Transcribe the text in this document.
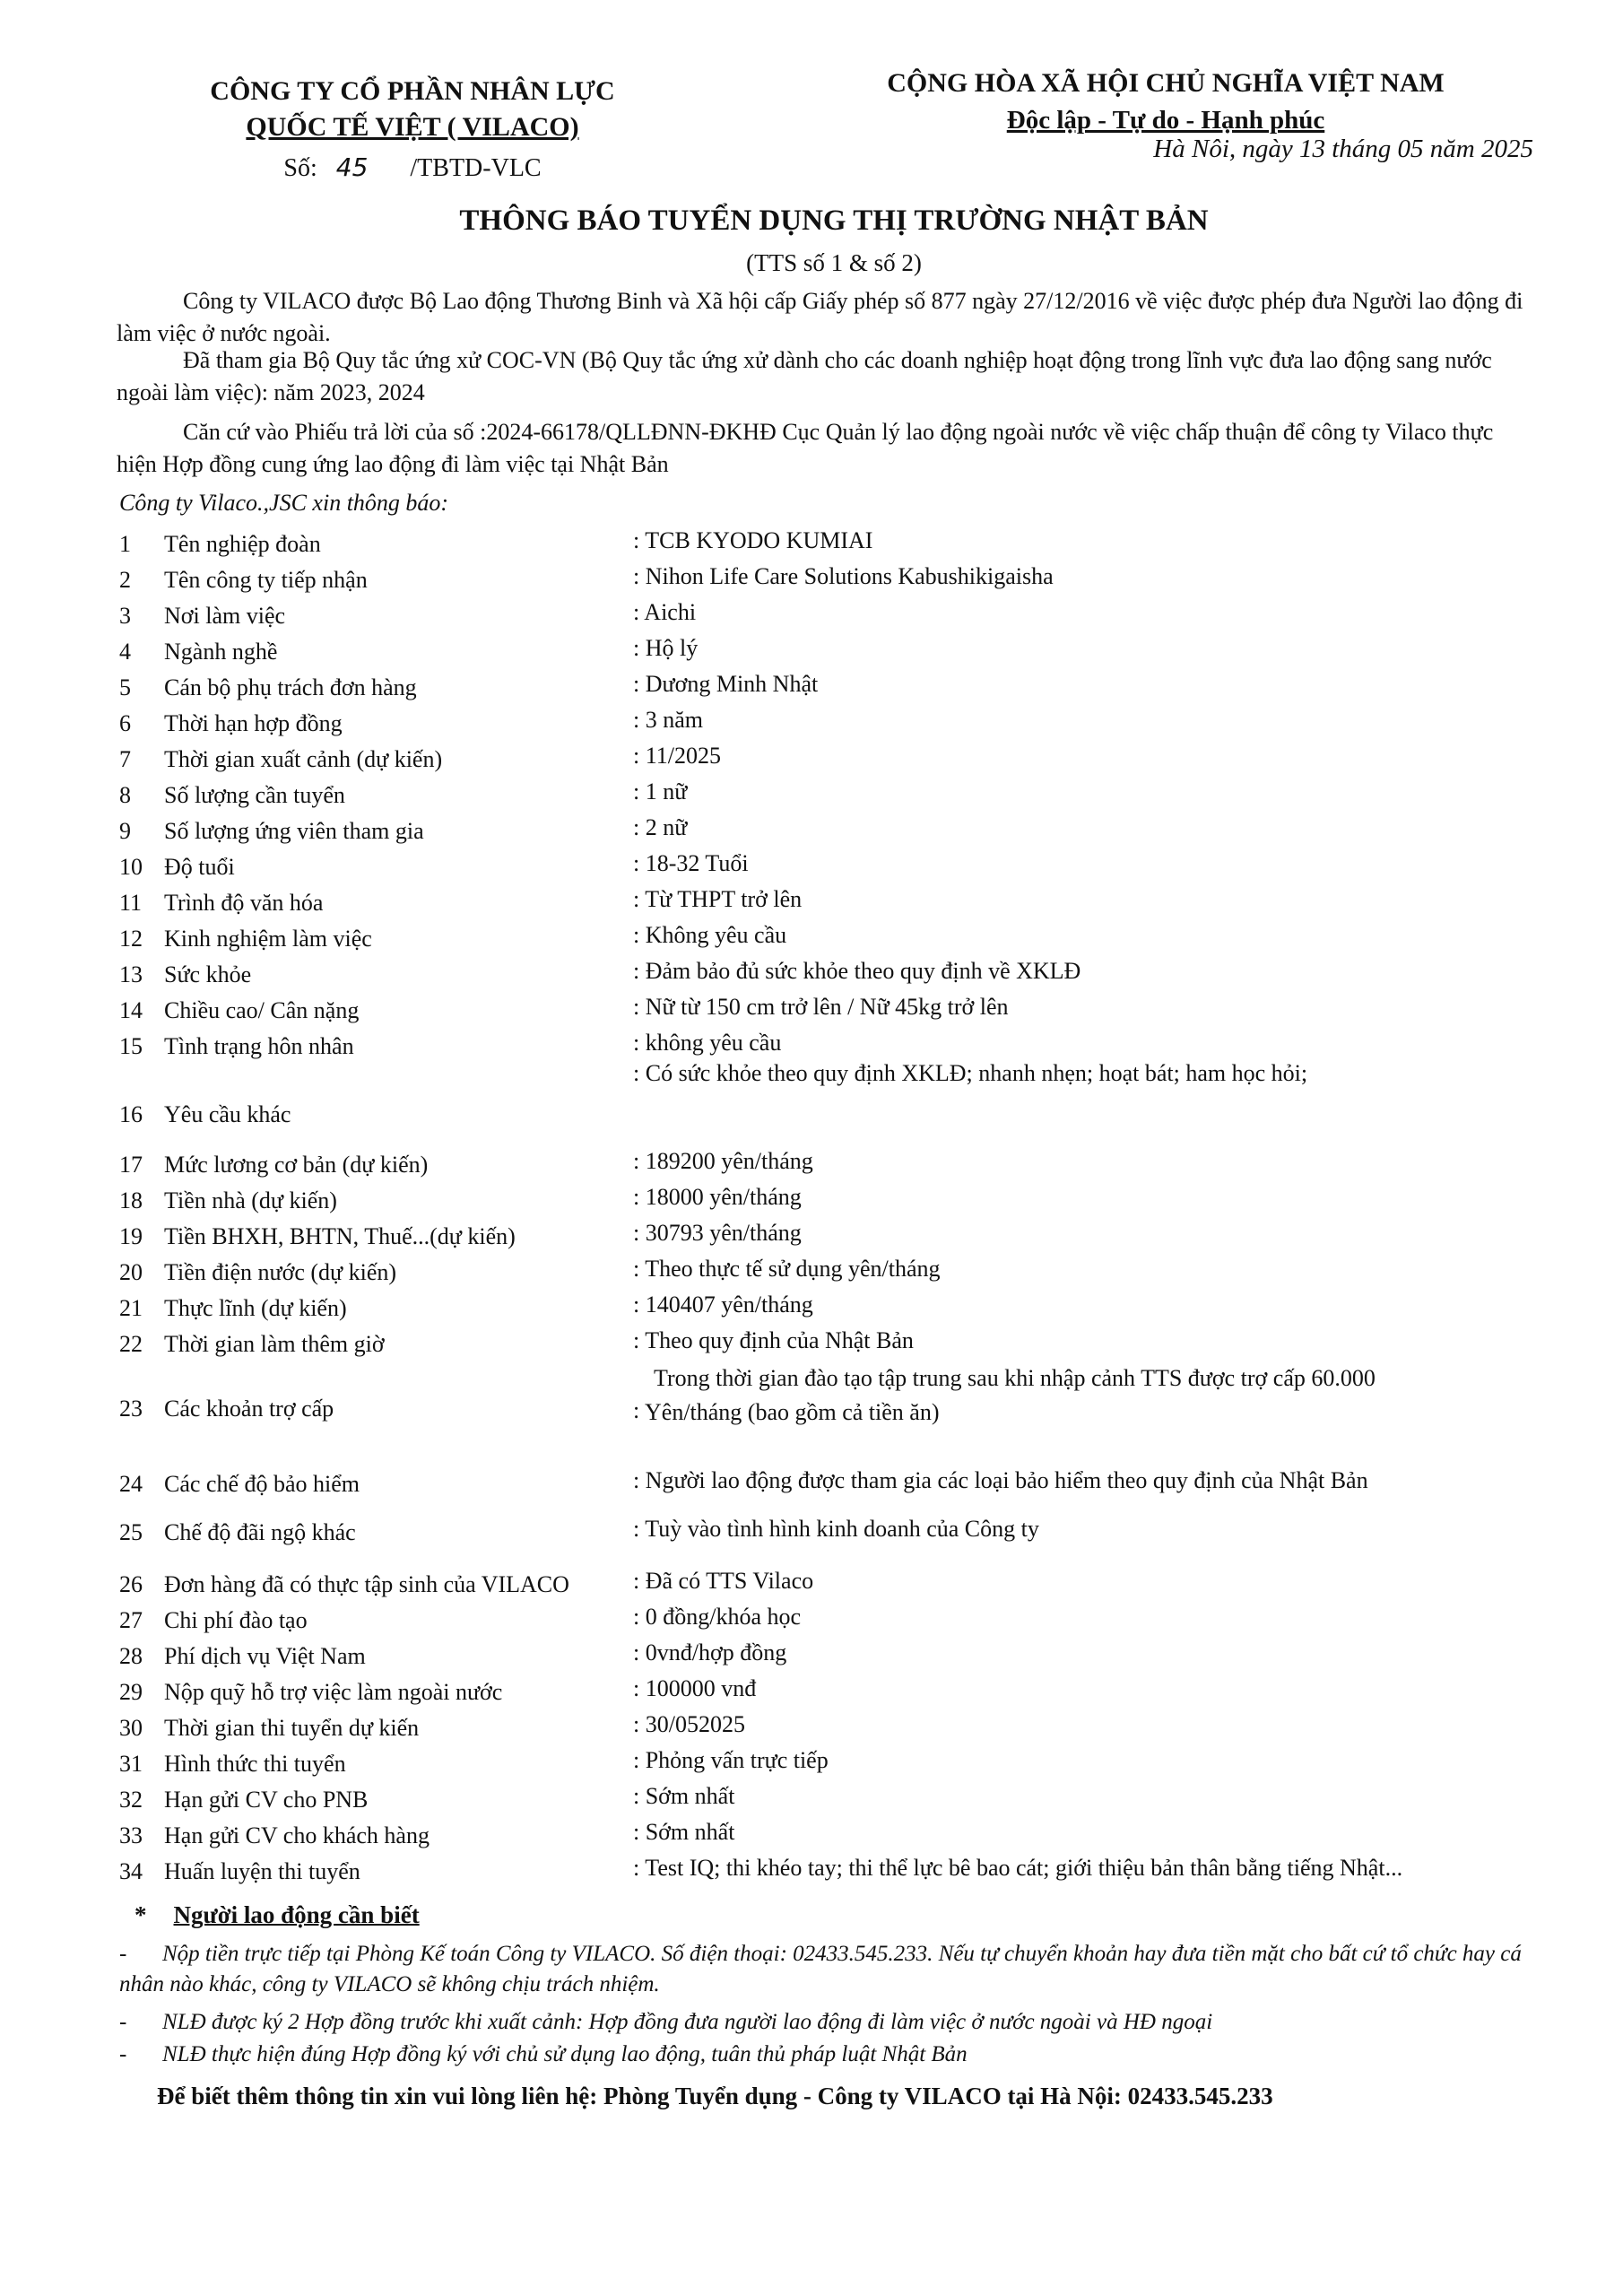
CÔNG TY CỔ PHẦN NHÂN LỰC
QUỐC TẾ VIỆT ( VILACO)
Số: 45 /TBTD-VLC
CỘNG HÒA XÃ HỘI CHỦ NGHĨA VIỆT NAM
Độc lập - Tự do - Hạnh phúc
Hà Nôi, ngày 13 tháng 05 năm 2025
THÔNG BÁO TUYỂN DỤNG THỊ TRƯỜNG NHẬT BẢN
(TTS số 1 & số 2)
Công ty VILACO được Bộ Lao động Thương Binh và Xã hội cấp Giấy phép số 877 ngày 27/12/2016 về việc được phép đưa Người lao động đi làm việc ở nước ngoài.
Đã tham gia Bộ Quy tắc ứng xử COC-VN (Bộ Quy tắc ứng xử dành cho các doanh nghiệp hoạt động trong lĩnh vực đưa lao động sang nước ngoài làm việc): năm 2023, 2024
Căn cứ vào Phiếu trả lời của số :2024-66178/QLLĐNN-ĐKHĐ Cục Quản lý lao động ngoài nước về việc chấp thuận để công ty Vilaco thực hiện Hợp đồng cung ứng lao động đi làm việc tại Nhật Bản
Công ty Vilaco.,JSC xin thông báo:
1	Tên nghiệp đoàn	: TCB KYODO KUMIAI
2	Tên công ty tiếp nhận	: Nihon Life Care Solutions Kabushikigaisha
3	Nơi làm việc	: Aichi
4	Ngành nghề	: Hộ lý
5	Cán bộ phụ trách đơn hàng	: Dương Minh Nhật
6	Thời hạn hợp đồng	: 3 năm
7	Thời gian xuất cảnh (dự kiến)	: 11/2025
8	Số lượng cần tuyển	: 1 nữ
9	Số lượng ứng viên tham gia	: 2 nữ
10 Độ tuổi	: 18-32 Tuổi
11 Trình độ văn hóa	: Từ THPT trở lên
12 Kinh nghiệm làm việc	: Không yêu cầu
13 Sức khỏe	: Đảm bảo đủ sức khỏe theo quy định về XKLĐ
14 Chiều cao/ Cân nặng	: Nữ từ 150 cm trở lên / Nữ 45kg trở lên
15 Tình trạng hôn nhân	: không yêu cầu
16 Yêu cầu khác
: Có sức khỏe theo quy định XKLĐ; nhanh nhẹn; hoạt bát; ham học hỏi;
17 Mức lương cơ bản (dự kiến)	: 189200 yên/tháng
18 Tiền nhà (dự kiến)	: 18000 yên/tháng
19 Tiền BHXH, BHTN, Thuế...(dự kiến)	: 30793 yên/tháng
20 Tiền điện nước (dự kiến)	: Theo thực tế sử dụng yên/tháng
21 Thực lĩnh (dự kiến)	: 140407 yên/tháng
22 Thời gian làm thêm giờ	: Theo quy định của Nhật Bản
23 Các khoản trợ cấp	:
Trong thời gian đào tạo tập trung sau khi nhập cảnh TTS được trợ cấp 60.000
Yên/tháng (bao gồm cả tiền ăn)
24 Các chế độ bảo hiểm	: Người lao động được tham gia các loại bảo hiểm theo quy định của Nhật Bản
25 Chế độ đãi ngộ khác	: Tuỳ vào tình hình kinh doanh của Công ty
26 Đơn hàng đã có thực tập sinh của VILACO	: Đã có TTS Vilaco
27 Chi phí đào tạo	: 0 đồng/khóa học
28 Phí dịch vụ Việt Nam	: 0vnđ/hợp đồng
29 Nộp quỹ hỗ trợ việc làm ngoài nước	: 100000 vnđ
30 Thời gian thi tuyển dự kiến	: 30/052025
31 Hình thức thi tuyển	: Phỏng vấn trực tiếp
32 Hạn gửi CV cho PNB	: Sớm nhất
33 Hạn gửi CV cho khách hàng	: Sớm nhất
34 Huấn luyện thi tuyển	: Test IQ; thi khéo tay; thi thể lực bê bao cát; giới thiệu bản thân bằng tiếng Nhật...
* Người lao động cần biết
- Nộp tiền trực tiếp tại Phòng Kế toán Công ty VILACO. Số điện thoại: 02433.545.233. Nếu tự chuyển khoản hay đưa tiền mặt cho bất cứ tổ chức hay cá nhân nào khác, công ty VILACO sẽ không chịu trách nhiệm.
- NLĐ được ký 2 Hợp đồng trước khi xuất cảnh: Hợp đồng đưa người lao động đi làm việc ở nước ngoài và HĐ ngoại
- NLĐ thực hiện đúng Hợp đồng ký với chủ sử dụng lao động, tuân thủ pháp luật Nhật Bản
Để biết thêm thông tin xin vui lòng liên hệ: Phòng Tuyển dụng - Công ty VILACO tại Hà Nội: 02433.545.233
